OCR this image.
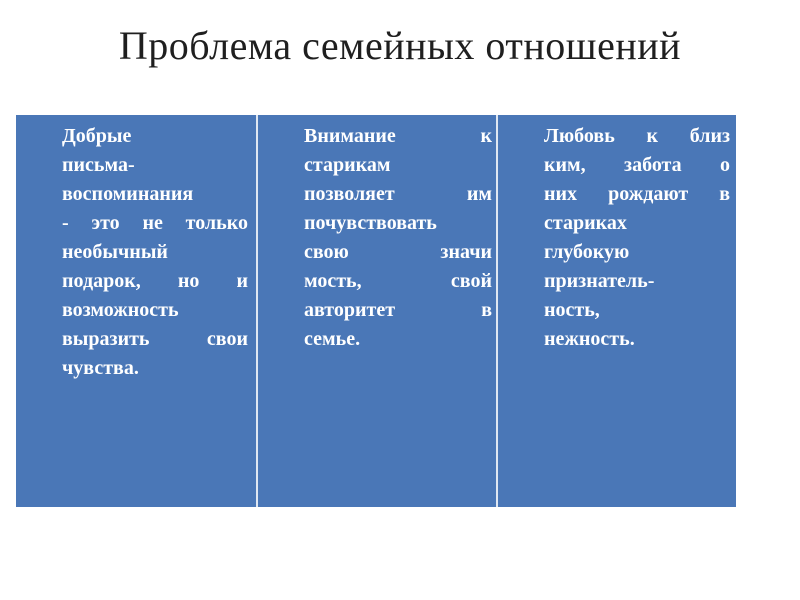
Проблема семейных отношений
Добрые
письма-
воспоминания
- это не только
необычный
подарок, но и
возможность
выразить свои
чувства.
Внимание к
старикам
позволяет им
почувствовать
свою значи
мость, свой
авторитет в
семье.
Любовь к близ
ким, забота о
них рождают в
стариках
глубокую
признатель-
ность,
нежность.
